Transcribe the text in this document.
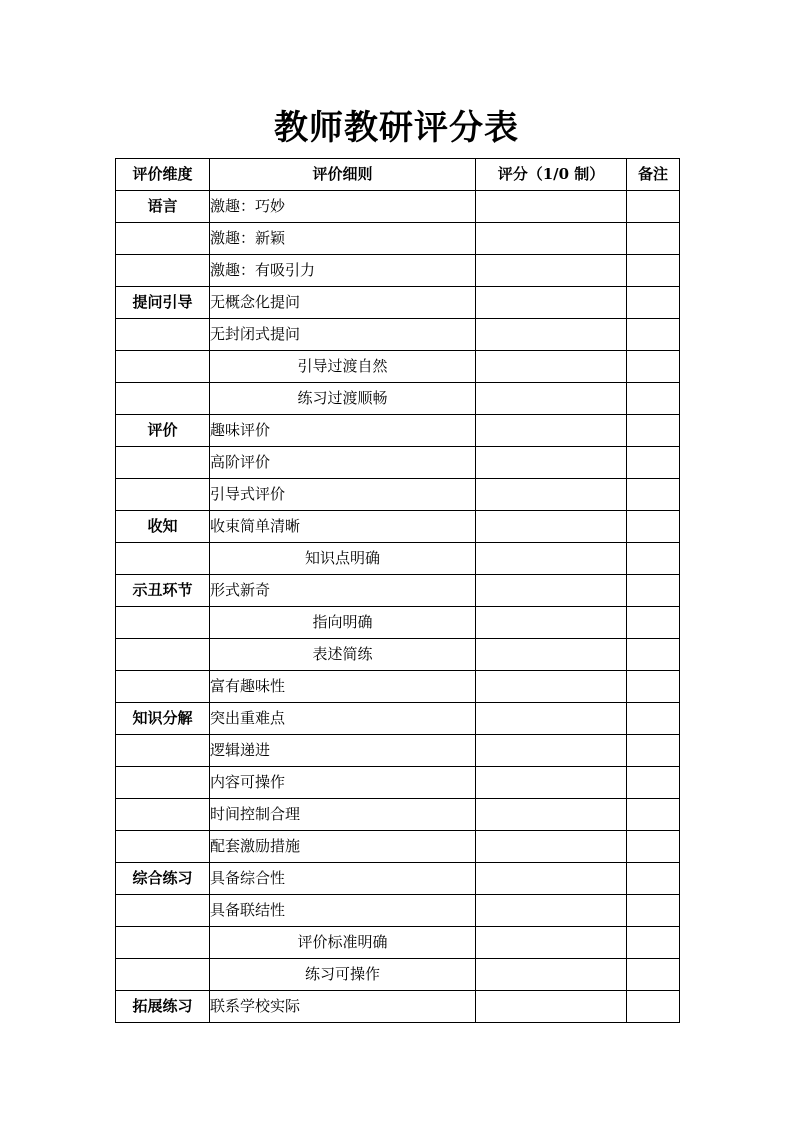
教师教研评分表
评价维度	评价细则	评分（1/0 制）	备注
语言	激趣：巧妙		
	激趣：新颖		
	激趣：有吸引力		
提问引导	无概念化提问		
	无封闭式提问		
	引导过渡自然		
	练习过渡顺畅		
评价	趣味评价		
	高阶评价		
	引导式评价		
收知	收束简单清晰		
	知识点明确		
示丑环节	形式新奇		
	指向明确		
	表述简练		
	富有趣味性		
知识分解	突出重难点		
	逻辑递进		
	内容可操作		
	时间控制合理		
	配套激励措施		
综合练习	具备综合性		
	具备联结性		
	评价标准明确		
	练习可操作		
拓展练习	联系学校实际		
